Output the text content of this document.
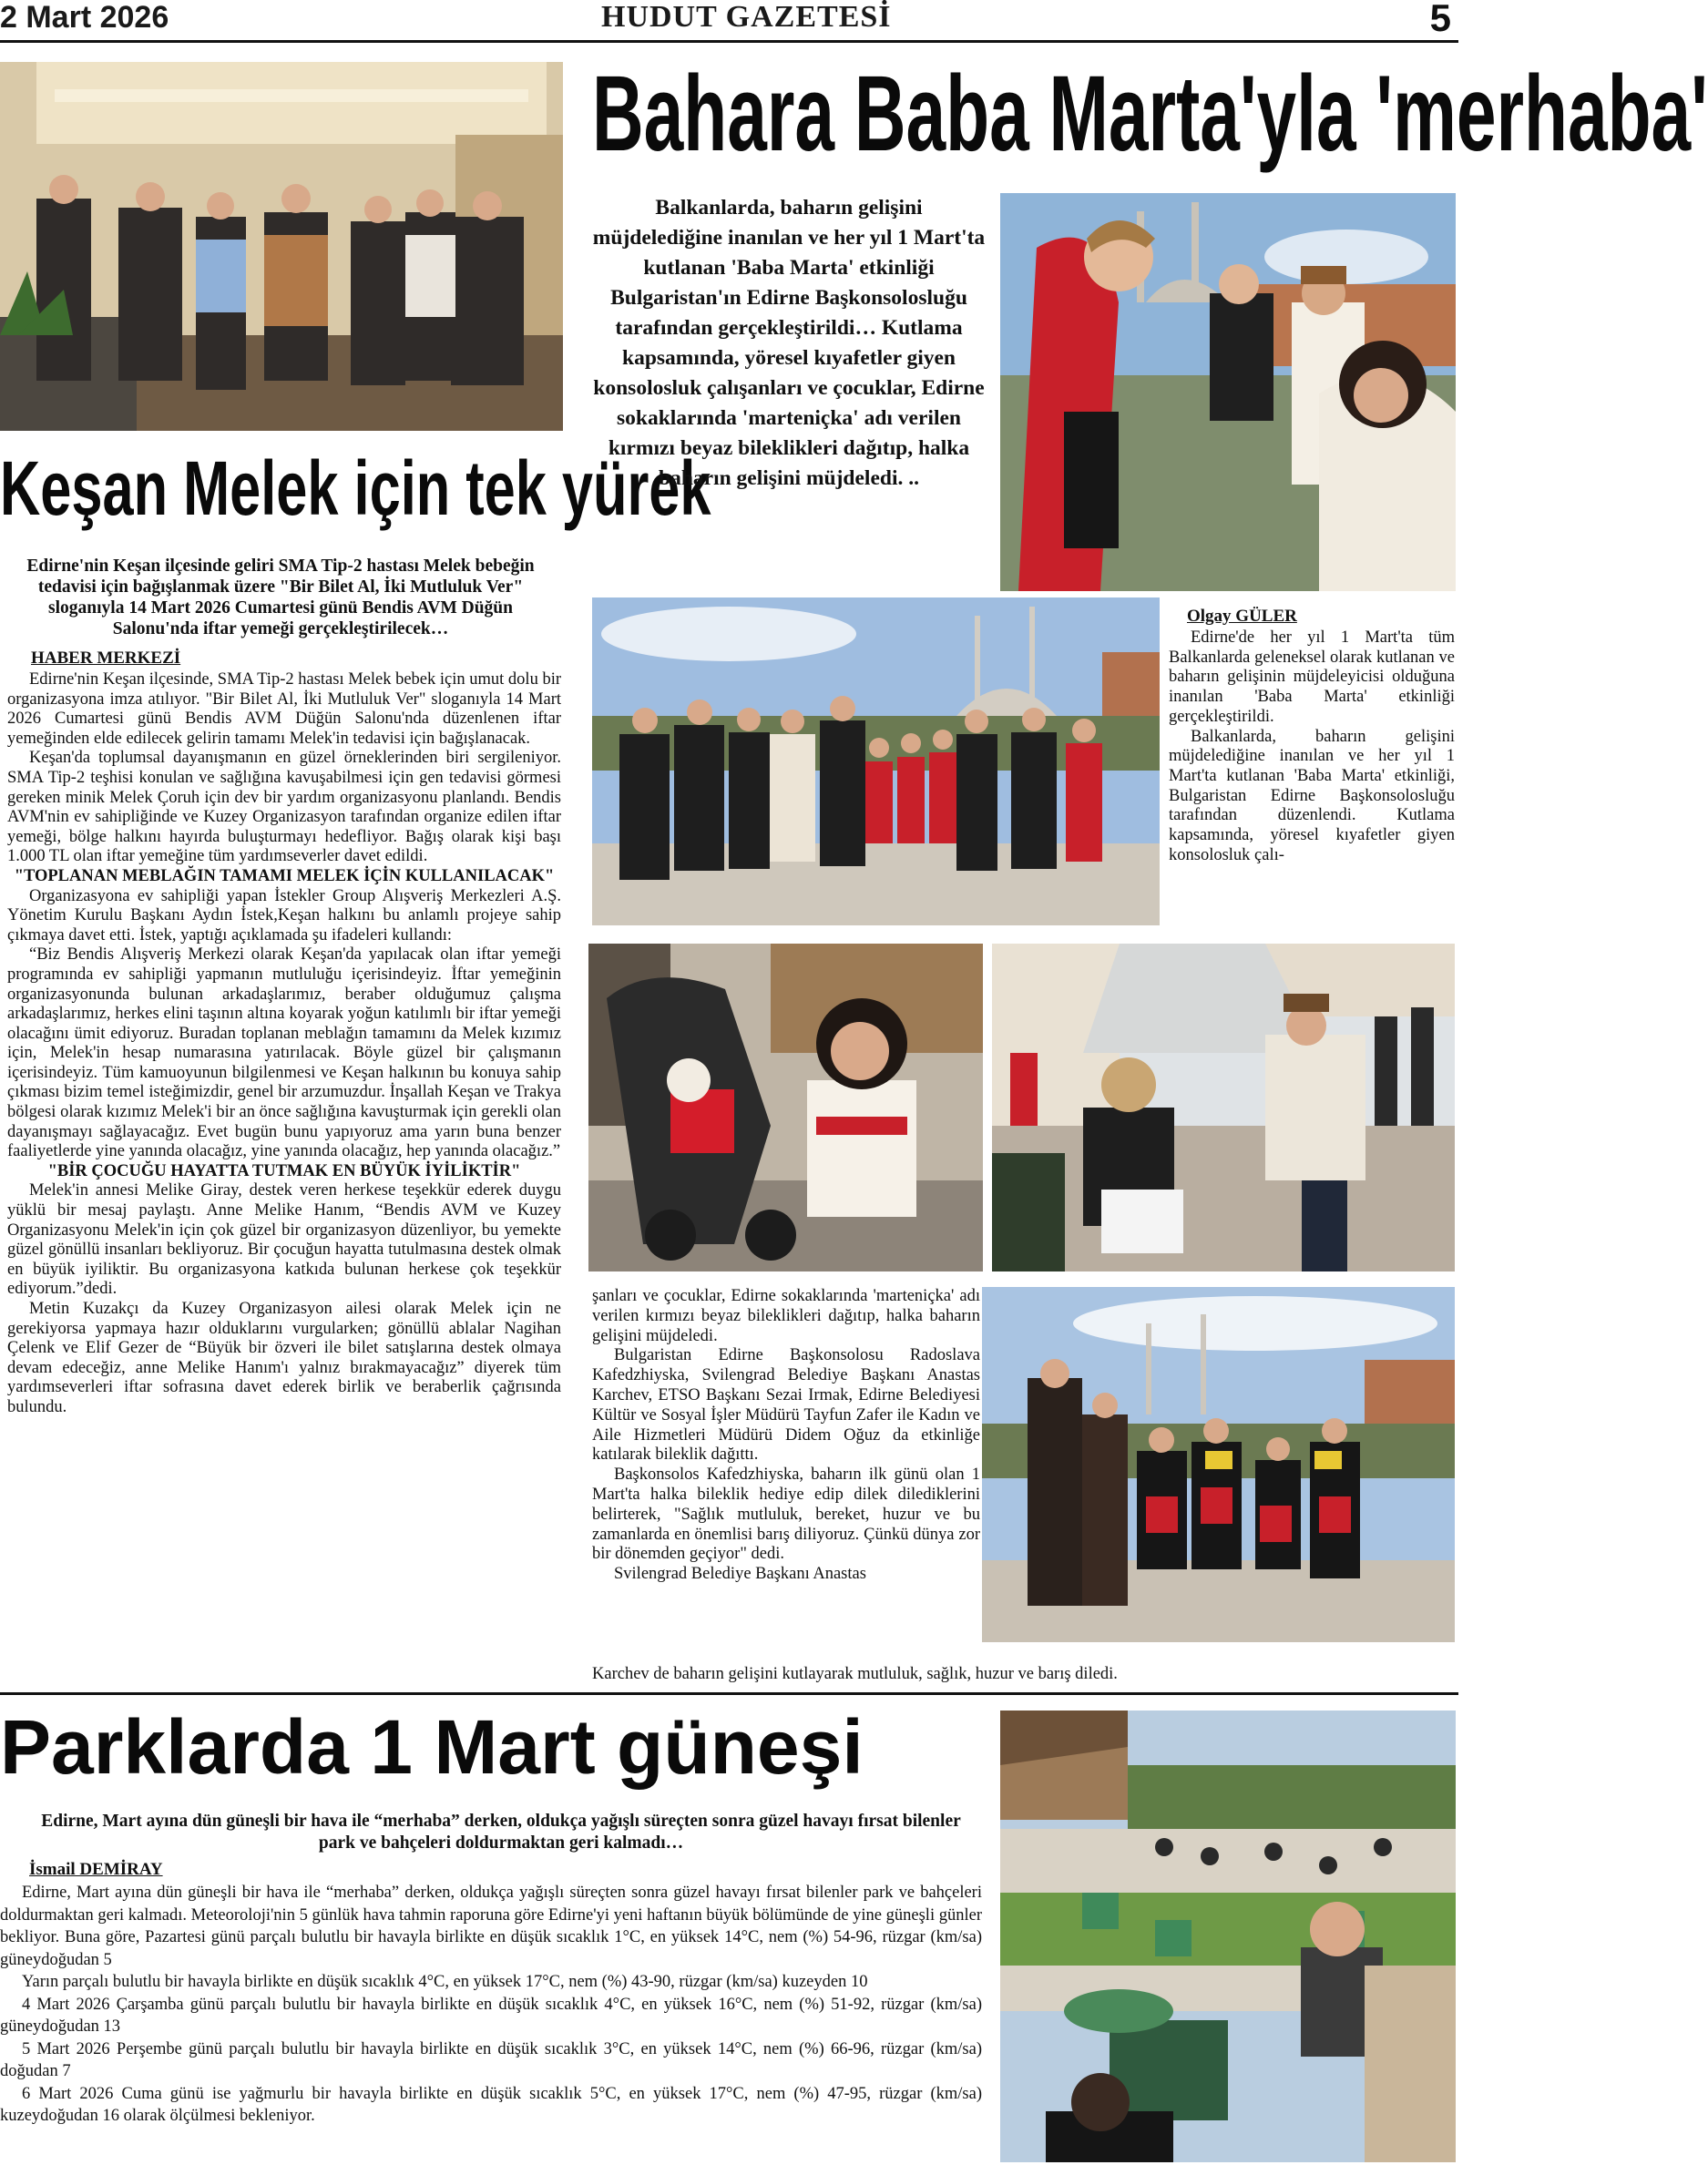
2 Mart 2026	HUDUT GAZETESİ	5
Keşan Melek için tek yürek
Edirne'nin Keşan ilçesinde geliri SMA Tip-2 hastası Melek bebeğin tedavisi için bağışlanmak üzere "Bir Bilet Al, İki Mutluluk Ver" sloganıyla 14 Mart 2026 Cumartesi günü Bendis AVM Düğün Salonu'nda iftar yemeği gerçekleştirilecek…
HABER MERKEZİ

Edirne'nin Keşan ilçesinde, SMA Tip-2 hastası Melek bebek için umut dolu bir organizasyona imza atılıyor. "Bir Bilet Al, İki Mutluluk Ver" sloganıyla 14 Mart 2026 Cumartesi günü Bendis AVM Düğün Salonu'nda düzenlenen iftar yemeğinden elde edilecek gelirin tamamı Melek'in tedavisi için bağışlanacak.

Keşan'da toplumsal dayanışmanın en güzel örneklerinden biri sergileniyor. SMA Tip-2 teşhisi konulan ve sağlığına kavuşabilmesi için gen tedavisi görmesi gereken minik Melek Çoruh için dev bir yardım organizasyonu planlandı. Bendis AVM'nin ev sahipliğinde ve Kuzey Organizasyon tarafından organize edilen iftar yemeği, bölge halkını hayırda buluşturmayı hedefliyor. Bağış olarak kişi başı 1.000 TL olan iftar yemeğine tüm yardımseverler davet edildi.

"TOPLANAN MEBLAĞIN TAMAMI MELEK İÇİN KULLANILACAK"

Organizasyona ev sahipliği yapan İstekler Group Alışveriş Merkezleri A.Ş. Yönetim Kurulu Başkanı Aydın İstek,Keşan halkını bu anlamlı projeye sahip çıkmaya davet etti. İstek, yaptığı açıklamada şu ifadeleri kullandı:

“Biz Bendis Alışveriş Merkezi olarak Keşan'da yapılacak olan iftar yemeği programında ev sahipliği yapmanın mutluluğu içerisindeyiz. İftar yemeğinin organizasyonunda bulunan arkadaşlarımız, beraber olduğumuz çalışma arkadaşlarımız, herkes elini taşının altına koyarak yoğun katılımlı bir iftar yemeği olacağını ümit ediyoruz. Buradan toplanan meblağın tamamını da Melek kızımız için, Melek'in hesap numarasına yatırılacak. Böyle güzel bir çalışmanın içerisindeyiz. Tüm kamuoyunun bilgilenmesi ve Keşan halkının bu konuya sahip çıkması bizim temel isteğimizdir, genel bir arzumuzdur. İnşallah Keşan ve Trakya bölgesi olarak kızımız Melek'i bir an önce sağlığına kavuşturmak için gerekli olan dayanışmayı sağlayacağız. Evet bugün bunu yapıyoruz ama yarın buna benzer faaliyetlerde yine yanında olacağız, yine yanında olacağız, hep yanında olacağız.”

"BİR ÇOCUĞU HAYATTA TUTMAK EN BÜYÜK İYİLİKTİR"

Melek'in annesi Melike Giray, destek veren herkese teşekkür ederek duygu yüklü bir mesaj paylaştı. Anne Melike Hanım, “Bendis AVM ve Kuzey Organizasyonu Melek'in için çok güzel bir organizasyon düzenliyor, bu yemekte güzel gönüllü insanları bekliyoruz. Bir çocuğun hayatta tutulmasına destek olmak en büyük iyiliktir. Bu organizasyona katkıda bulunan herkese çok teşekkür ediyorum.”dedi.

Metin Kuzakçı da Kuzey Organizasyon ailesi olarak Melek için ne gerekiyorsa yapmaya hazır olduklarını vurgularken; gönüllü ablalar Nagihan Çelenk ve Elif Gezer de “Büyük bir özveri ile bilet satışlarına destek olmaya devam edeceğiz, anne Melike Hanım'ı yalnız bırakmayacağız” diyerek tüm yardımseverleri iftar sofrasına davet ederek birlik ve beraberlik çağrısında bulundu.

Bahara Baba Marta'yla 'merhaba'
Balkanlarda, baharın gelişini müjdelediğine inanılan ve her yıl 1 Mart'ta kutlanan 'Baba Marta' etkinliği Bulgaristan'ın Edirne Başkonsolosluğu tarafından gerçekleştirildi… Kutlama kapsamında, yöresel kıyafetler giyen konsolosluk çalışanları ve çocuklar, Edirne sokaklarında 'marteniçka' adı verilen kırmızı beyaz bileklikleri dağıtıp, halka baharın gelişini müjdeledi. ..
Olgay GÜLER

Edirne'de her yıl 1 Mart'ta tüm Balkanlarda geleneksel olarak kutlanan ve baharın gelişinin müjdeleyicisi olduğuna inanılan 'Baba Marta' etkinliği gerçekleştirildi.

Balkanlarda, baharın gelişini müjdelediğine inanılan ve her yıl 1 Mart'ta kutlanan 'Baba Marta' etkinliği, Bulgaristan Edirne Başkonsolosluğu tarafından düzenlendi. Kutlama kapsamında, yöresel kıyafetler giyen konsolosluk çalı-

şanları ve çocuklar, Edirne sokaklarında 'marteniçka' adı verilen kırmızı beyaz bileklikleri dağıtıp, halka baharın gelişini müjdeledi.

Bulgaristan Edirne Başkonsolosu Radoslava Kafedzhiyska, Svilengrad Belediye Başkanı Anastas Karchev, ETSO Başkanı Sezai Irmak, Edirne Belediyesi Kültür ve Sosyal İşler Müdürü Tayfun Zafer ile Kadın ve Aile Hizmetleri Müdürü Didem Oğuz da etkinliğe katılarak bileklik dağıttı.

Başkonsolos Kafedzhiyska, baharın ilk günü olan 1 Mart'ta halka bileklik hediye edip dilek dilediklerini belirterek, "Sağlık mutluluk, bereket, huzur ve bu zamanlarda en önemlisi barış diliyoruz. Çünkü dünya zor bir dönemden geçiyor" dedi.

Svilengrad Belediye Başkanı Anastas

Karchev de baharın gelişini kutlayarak mutluluk, sağlık, huzur ve barış diledi.
Parklarda 1 Mart güneşi
Edirne, Mart ayına dün güneşli bir hava ile “merhaba” derken, oldukça yağışlı süreçten sonra güzel havayı fırsat bilenler park ve bahçeleri doldurmaktan geri kalmadı…
İsmail DEMİRAY

Edirne, Mart ayına dün güneşli bir hava ile “merhaba” derken, oldukça yağışlı süreçten sonra güzel havayı fırsat bilenler park ve bahçeleri doldurmaktan geri kalmadı. Meteoroloji'nin 5 günlük hava tahmin raporuna göre Edirne'yi yeni haftanın büyük bölümünde de yine güneşli günler bekliyor. Buna göre, Pazartesi günü parçalı bulutlu bir havayla birlikte en düşük sıcaklık 1°C, en yüksek 14°C, nem (%) 54-96, rüzgar (km/sa) güneydoğudan 5

Yarın parçalı bulutlu bir havayla birlikte en düşük sıcaklık 4°C, en yüksek 17°C, nem (%) 43-90, rüzgar (km/sa) kuzeyden 10

4 Mart 2026 Çarşamba günü parçalı bulutlu bir havayla birlikte en düşük sıcaklık 4°C, en yüksek 16°C, nem (%) 51-92, rüzgar (km/sa) güneydoğudan 13

5 Mart 2026 Perşembe günü parçalı bulutlu bir havayla birlikte en düşük sıcaklık 3°C, en yüksek 14°C, nem (%) 66-96, rüzgar (km/sa) doğudan 7

6 Mart 2026 Cuma günü ise yağmurlu bir havayla birlikte en düşük sıcaklık 5°C, en yüksek 17°C, nem (%) 47-95, rüzgar (km/sa) kuzeydoğudan 16 olarak ölçülmesi bekleniyor.
